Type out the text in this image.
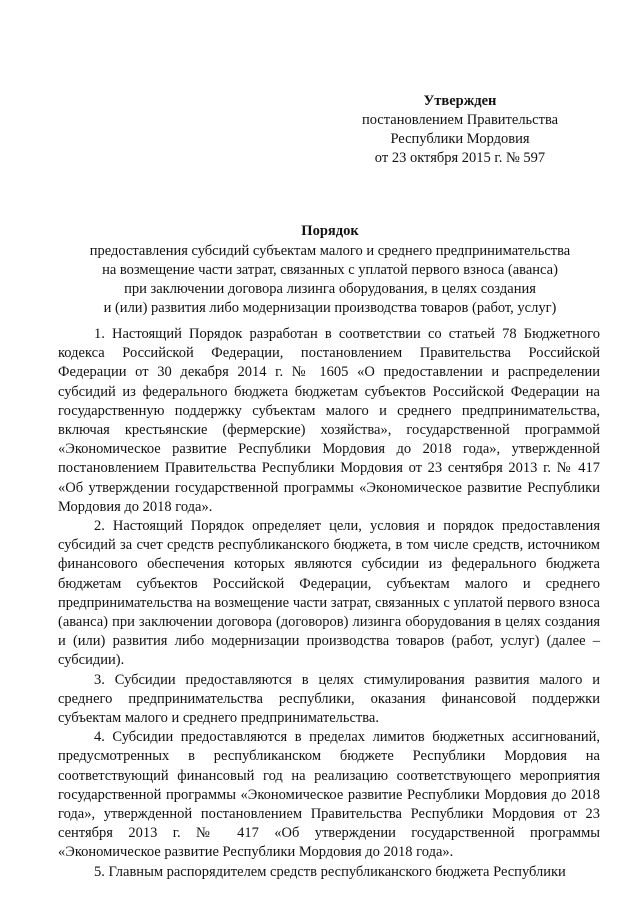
Утвержден
постановлением Правительства
Республики Мордовия
от 23 октября 2015 г. № 597
Порядок
предоставления субсидий субъектам малого и среднего предпринимательства
на возмещение части затрат, связанных с уплатой первого взноса (аванса)
при заключении договора лизинга оборудования, в целях создания
и (или) развития либо модернизации производства товаров (работ, услуг)

1. Настоящий Порядок разработан в соответствии со статьей 78 Бюджетного кодекса Российской Федерации, постановлением Правительства Российской Федерации от 30 декабря 2014 г. № 1605 «О предоставлении и распределении субсидий из федерального бюджета бюджетам субъектов Российской Федерации на государственную поддержку субъектам малого и среднего предпринимательства, включая крестьянские (фермерские) хозяйства», государственной программой «Экономическое развитие Республики Мордовия до 2018 года», утвержденной постановлением Правительства Республики Мордовия от 23 сентября 2013 г. № 417 «Об утверждении государственной программы «Экономическое развитие Республики Мордовия до 2018 года».

2. Настоящий Порядок определяет цели, условия и порядок предоставления субсидий за счет средств республиканского бюджета, в том числе средств, источником финансового обеспечения которых являются субсидии из федерального бюджета бюджетам субъектов Российской Федерации, субъектам малого и среднего предпринимательства на возмещение части затрат, связанных с уплатой первого взноса (аванса) при заключении договора (договоров) лизинга оборудования в целях создания и (или) развития либо модернизации производства товаров (работ, услуг) (далее – субсидии).

3. Субсидии предоставляются в целях стимулирования развития малого и среднего предпринимательства республики, оказания финансовой поддержки субъектам малого и среднего предпринимательства.

4. Субсидии предоставляются в пределах лимитов бюджетных ассигнований, предусмотренных в республиканском бюджете Республики Мордовия на соответствующий финансовый год на реализацию соответствующего мероприятия государственной программы «Экономическое развитие Республики Мордовия до 2018 года», утвержденной постановлением Правительства Республики Мордовия от 23 сентября 2013 г. № 417 «Об утверждении государственной программы «Экономическое развитие Республики Мордовия до 2018 года».

5. Главным распорядителем средств республиканского бюджета Республики
